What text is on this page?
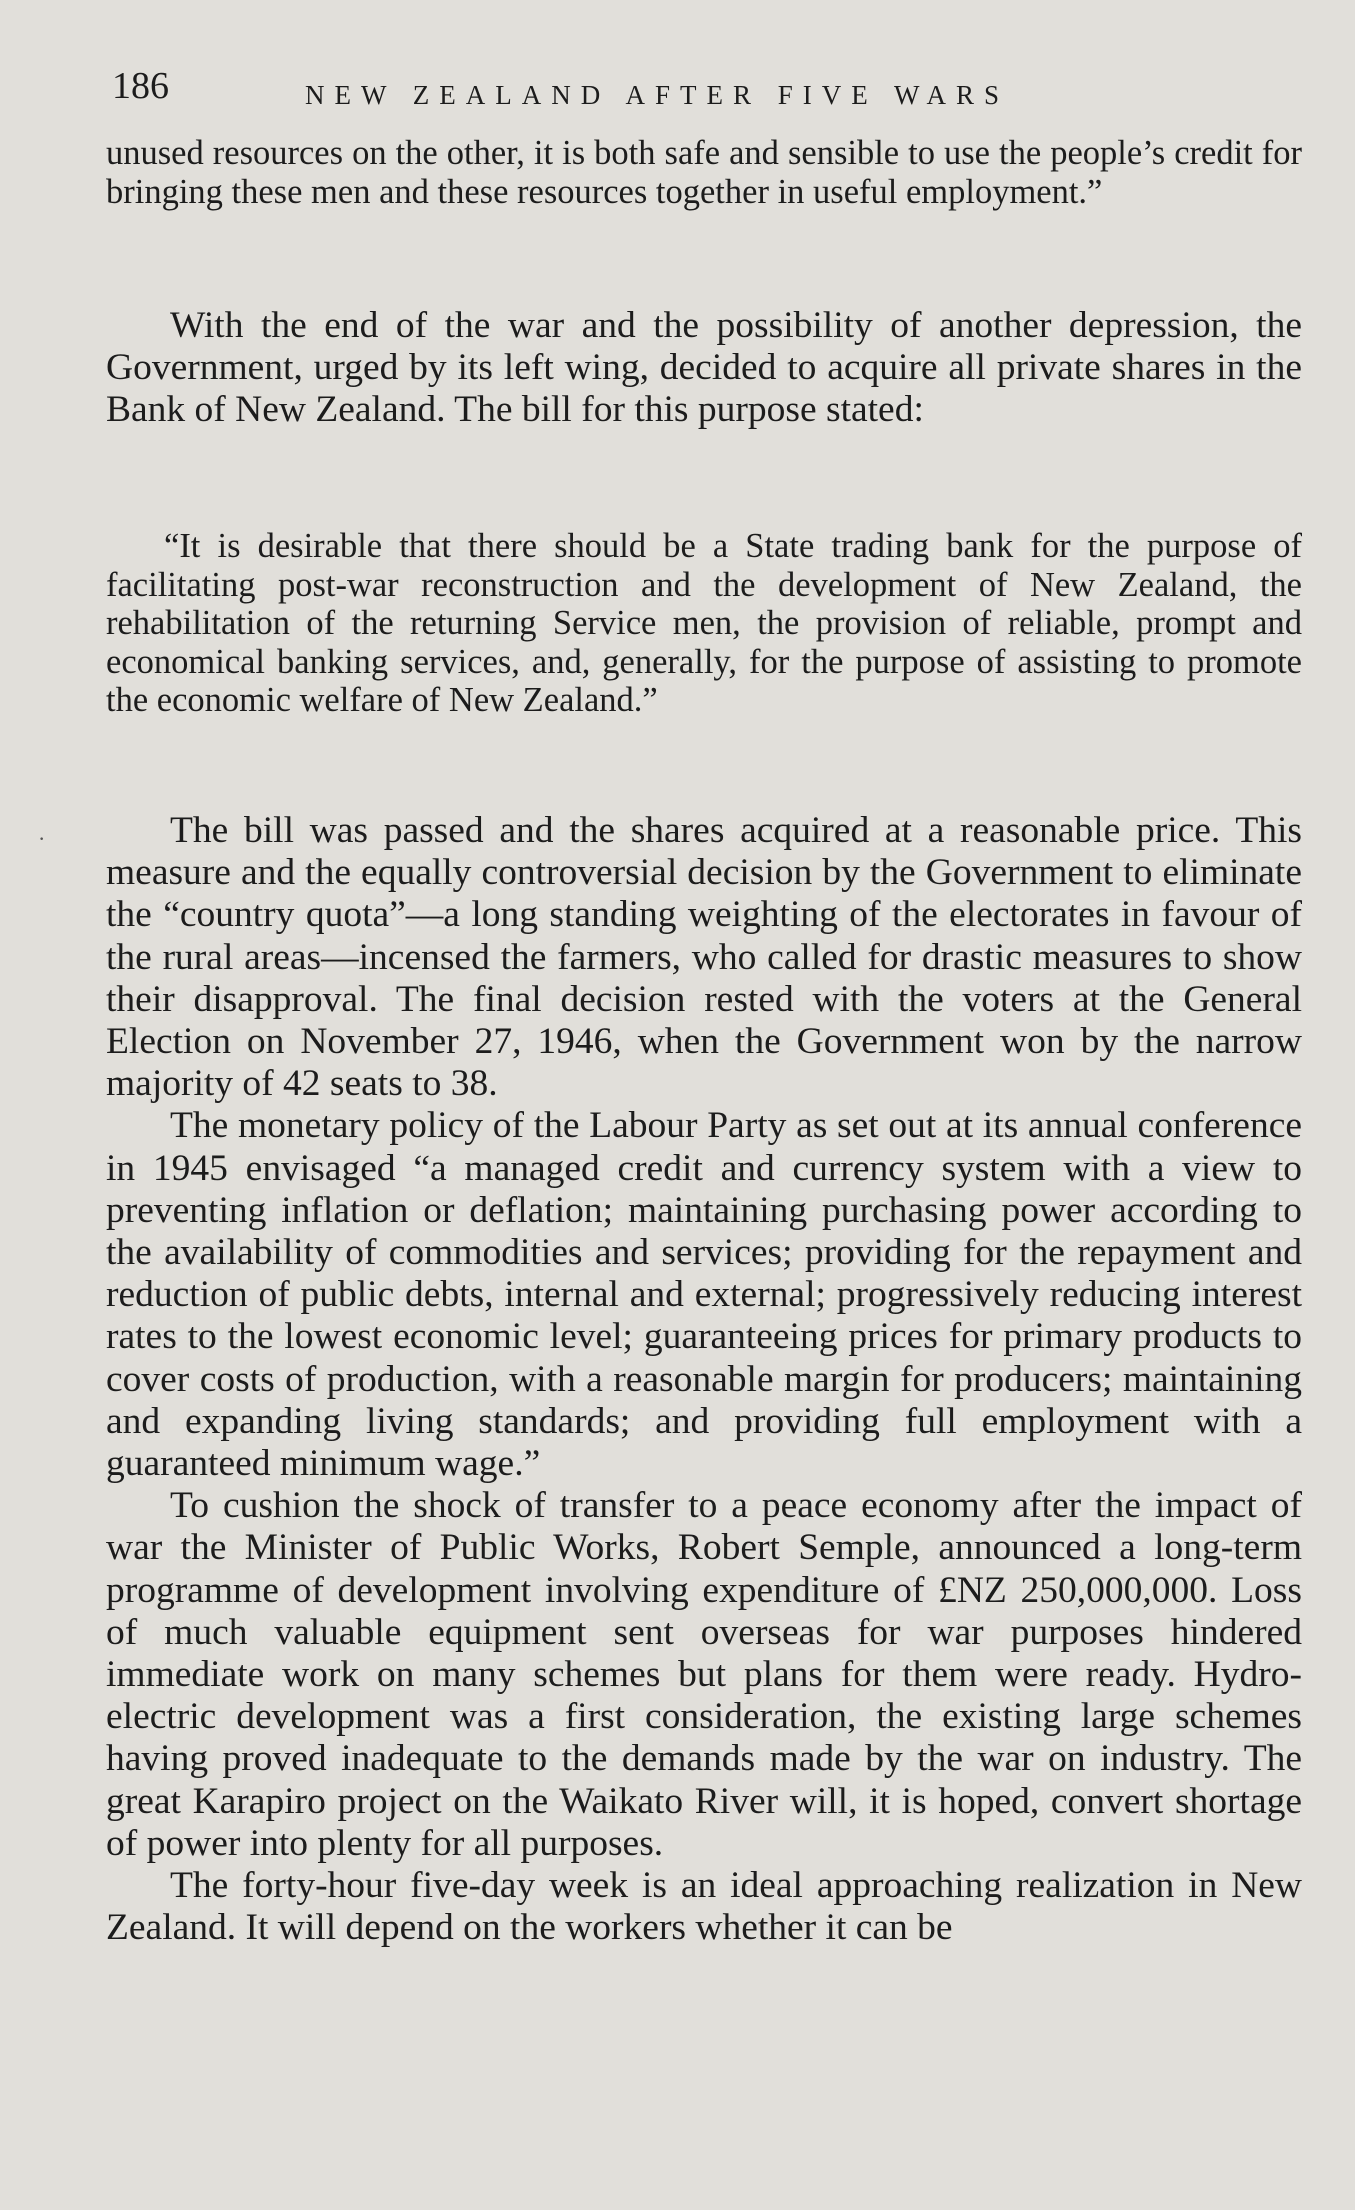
186	NEW ZEALAND AFTER FIVE WARS

unused resources on the other, it is both safe and sensible to use the people’s credit for bringing these men and these resources together in useful employment.”

With the end of the war and the possibility of another depression, the Government, urged by its left wing, decided to acquire all private shares in the Bank of New Zealand. The bill for this purpose stated:

“It is desirable that there should be a State trading bank for the purpose of facilitating post-war reconstruction and the development of New Zealand, the rehabilitation of the returning Service men, the provision of reliable, prompt and economical banking services, and, generally, for the purpose of assisting to promote the economic welfare of New Zealand.”

·	The bill was passed and the shares acquired at a reasonable price. This measure and the equally controversial decision by the Government to eliminate the “country quota”—a long standing weighting of the electorates in favour of the rural areas—incensed the farmers, who called for drastic measures to show their disapproval. The final decision rested with the voters at the General Election on November 27, 1946, when the Government won by the narrow majority of 42 seats to 38.

The monetary policy of the Labour Party as set out at its annual conference in 1945 envisaged “a managed credit and currency system with a view to preventing inflation or deflation; maintaining purchasing power according to the availability of commodities and services; providing for the repayment and reduction of public debts, internal and external; progressively reducing interest rates to the lowest economic level; guaranteeing prices for primary products to cover costs of production, with a reasonable margin for producers; maintaining and expanding living standards; and providing full employment with a guaranteed minimum wage.”

To cushion the shock of transfer to a peace economy after the impact of war the Minister of Public Works, Robert Semple, announced a long-term programme of development involving expenditure of £NZ 250,000,000. Loss of much valuable equipment sent overseas for war purposes hindered immediate work on many schemes but plans for them were ready. Hydro-electric development was a first consideration, the existing large schemes having proved inadequate to the demands made by the war on industry. The great Karapiro project on the Waikato River will, it is hoped, convert shortage of power into plenty for all purposes.

The forty-hour five-day week is an ideal approaching realization in New Zealand. It will depend on the workers whether it can be
